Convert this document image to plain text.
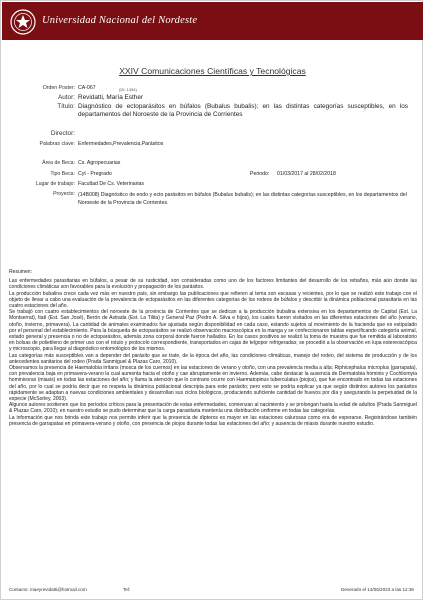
Universidad Nacional del Nordeste
XXIV Comunicaciones Científicas y Tecnológicas
Orden Poster: CA-067	(ID: 1454)
Autor: Revidatti, María Esther
Título: Diagnóstico de ectoparásitos en búfalos (Bubalus bubalis); en las distintas categorías susceptibles, en los departamentos del Noroeste de la Provincia de Corrientes
Director:
Palabras clave: Enfermedades,Prevalencia,Parásitos
Área de Beca: Cs. Agropecuarias
Tipo Beca: Cyt - Pregrado	Periodo: 01/03/2017 al 28/02/2018
Lugar de trabajo: Facultad De Cs. Veterinarias
Proyecto: (14B008) Diagnóstico de endo y ecto parásitos en búfalos (Bubalus bubalis); en las distintas categorías susceptibles, en los departamentos del Noroeste de la Provincia de Corrientes.
Resumen:

Las enfermedades parasitarias en búfalos, a pesar de su rusticidad, son consideradas como uno de los factores limitantes del desarrollo de los rebaños, más aún donde las condiciones climáticas son favorables para la evolución y propagación de los parásitos.

La producción bubalina crece cada vez más en nuestro país, sin embargo las publicaciones que refieren al tema son escasas y recientes, por lo que se realizó este trabajo con el objeto de llevar a cabo una evaluación de la prevalencia de ectoparásitos en las diferentes categorías de los rodeos de búfalos y describir la dinámica poblacional parasitaria en las cuatro estaciones del año.

Se trabajó con cuatro establecimientos del noroeste de la provincia de Corrientes que se dedican a la producción bubalina extensiva en los departamentos de Capital (Est. La Montserrat), Itatí (Est. San José), Berón de Astrada (Est. La Tilita) y General Paz (Pedro A. Silva e hijos), los cuales fueron visitados en las diferentes estaciones del año (verano, otoño, invierno, primavera). La cantidad de animales examinados fue ajustada según disponibilidad en cada caso, estando sujetos al movimiento de la hacienda que es estipulado por el personal del establecimiento. Para la búsqueda de ectoparásitos se realizó observación macroscópica en la manga y se confeccionaron tablas especificando categoría animal, estado general y presencia o no de ectoparásitos, además zona corporal donde fueron hallados. En los casos positivos se realizó la toma de muestra que fue remitida al laboratorio en bolsas de polietileno de primer uso con el rotulo y protocolo correspondiente, transportados en cajas de telgopor refrigeradas; se procedió a la observación en lupa estereoscópica y microscopio, para llegar al diagnóstico entomológico de los mismos.

Las categorías más susceptibles van a depender del parásito que se trate, de la época del año, las condiciones climáticas, manejo del rodeo, del sistema de producción y de los antecedentes sanitarios del rodeo (Prada Sanmiguel & Plazas Caro, 2010).

Observamos la presencia de Haematobia irritans (mosca de los cuernos) en las estaciones de verano y otoño, con una prevalencia media a alta; Riphicephalus microplus (garrapata), con prevalencia baja en primavera-verano la cual aumenta hacia el otoño y cae abruptamente en invierno. Además, cabe destacar la ausencia de Dermatobia hominis y Cochliomyia hominivorax (miasis) en todas las estaciones del año; y llama la atención que lo contrario ocurre con Haematopinus tuberculatus (piojos), que fue encontrado en todas las estaciones del año, por lo cual se podría decir que no respeta la dinámica poblacional descripta para este parásito; pero esto se podría explicar ya que según distintos autores los parásitos rápidamente se adaptan a nuevas condiciones ambientales y desarrollan sus ciclos biológicos, produciendo suficiente cantidad de huevos por día y asegurando la perpetuidad de la especie (McSorley, 2003).

Algunos autores sostienen que los períodos críticos para la presentación de estas enfermedades, comienzan al nacimiento y se prolongan hasta la edad de adultos (Prada Sanmiguel & Plazas Caro, 2010); en nuestro estudio se pudo determinar que la carga parasitaria mantenía una distribución uniforme en todas las categorías.

La información que nos brinda este trabajo nos permite inferir que la presencia de dípteros es mayor en las estaciones calurosas como era de esperarse. Registrándose también presencia de garrapatas en primavera-verano y otoño, con presencia de piojos durante todas las estaciones del año; y ausencia de miasis durante nuestro estudio.

Contacto: maeyrevidatti@hotmail.com	Tel:	Generado el 14/06/2023 a las 12:36
